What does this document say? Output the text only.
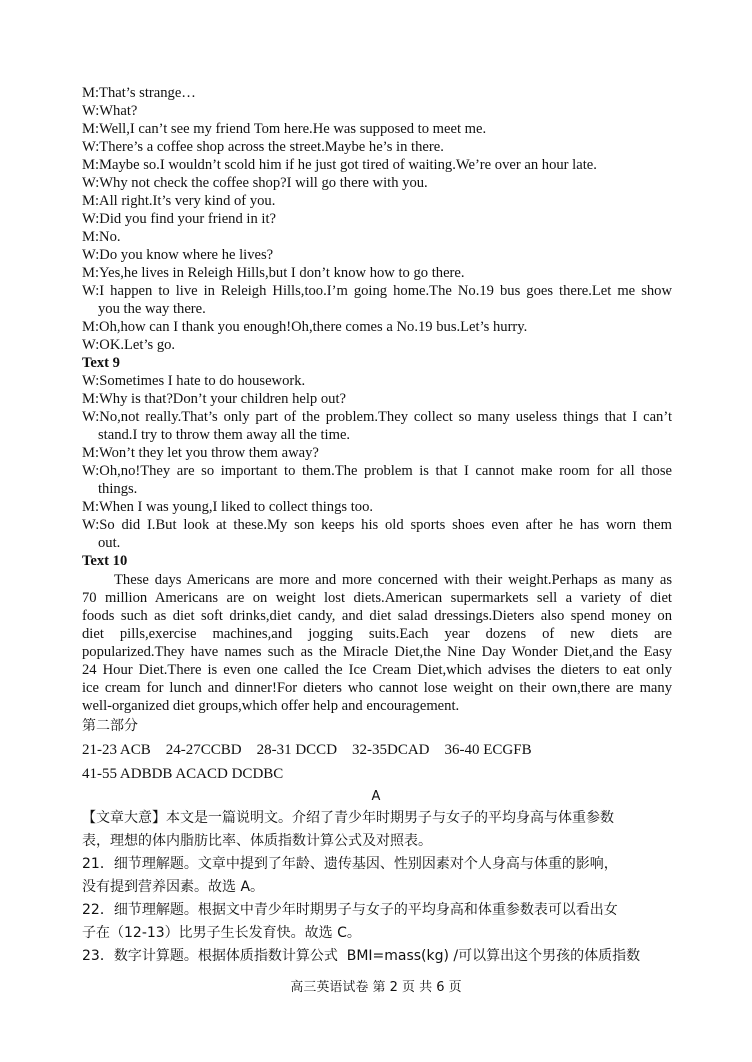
M:That’s strange…
W:What?
M:Well,I can’t see my friend Tom here.He was supposed to meet me.
W:There’s a coffee shop across the street.Maybe he’s in there.
M:Maybe so.I wouldn’t scold him if he just got tired of waiting.We’re over an hour late.
W:Why not check the coffee shop?I will go there with you.
M:All right.It’s very kind of you.
W:Did you find your friend in it?
M:No.
W:Do you know where he lives?
M:Yes,he lives in Releigh Hills,but I don’t know how to go there.
W:I happen to live in Releigh Hills,too.I’m going home.The No.19 bus goes there.Let me show
you the way there.
M:Oh,how can I thank you enough!Oh,there comes a No.19 bus.Let’s hurry.
W:OK.Let’s go.
Text 9
W:Sometimes I hate to do housework.
M:Why is that?Don’t your children help out?
W:No,not really.That’s only part of the problem.They collect so many useless things that I can’t
stand.I try to throw them away all the time.
M:Won’t they let you throw them away?
W:Oh,no!They are so important to them.The problem is that I cannot make room for all those
things.
M:When I was young,I liked to collect things too.
W:So did I.But look at these.My son keeps his old sports shoes even after he has worn them
out.
Text 10
These days Americans are more and more concerned with their weight.Perhaps as many as
70 million Americans are on weight lost diets.American supermarkets sell a variety of diet
foods such as diet soft drinks,diet candy, and diet salad dressings.Dieters also spend money on
diet pills,exercise machines,and jogging suits.Each year dozens of new diets are
popularized.They have names such as the Miracle Diet,the Nine Day Wonder Diet,and the Easy
24 Hour Diet.There is even one called the Ice Cream Diet,which advises the dieters to eat only
ice cream for lunch and dinner!For dieters who cannot lose weight on their own,there are many
well-organized diet groups,which offer help and encouragement.
第二部分
21-23 ACB    24-27CCBD    28-31 DCCD    32-35DCAD    36-40 ECGFB
41-55 ADBDB ACACD DCDBC
A
【文章大意】本文是一篇说明文。介绍了青少年时期男子与女子的平均身高与体重参数
表，理想的体内脂肪比率、体质指数计算公式及对照表。
21．细节理解题。文章中提到了年龄、遗传基因、性别因素对个人身高与体重的影响，
没有提到营养因素。故选 A。
22．细节理解题。根据文中青少年时期男子与女子的平均身高和体重参数表可以看出女
子在（12-13）比男子生长发育快。故选 C。
23．数字计算题。根据体质指数计算公式  BMI=mass(kg) /可以算出这个男孩的体质指数
高三英语试卷 第 2 页 共 6 页
